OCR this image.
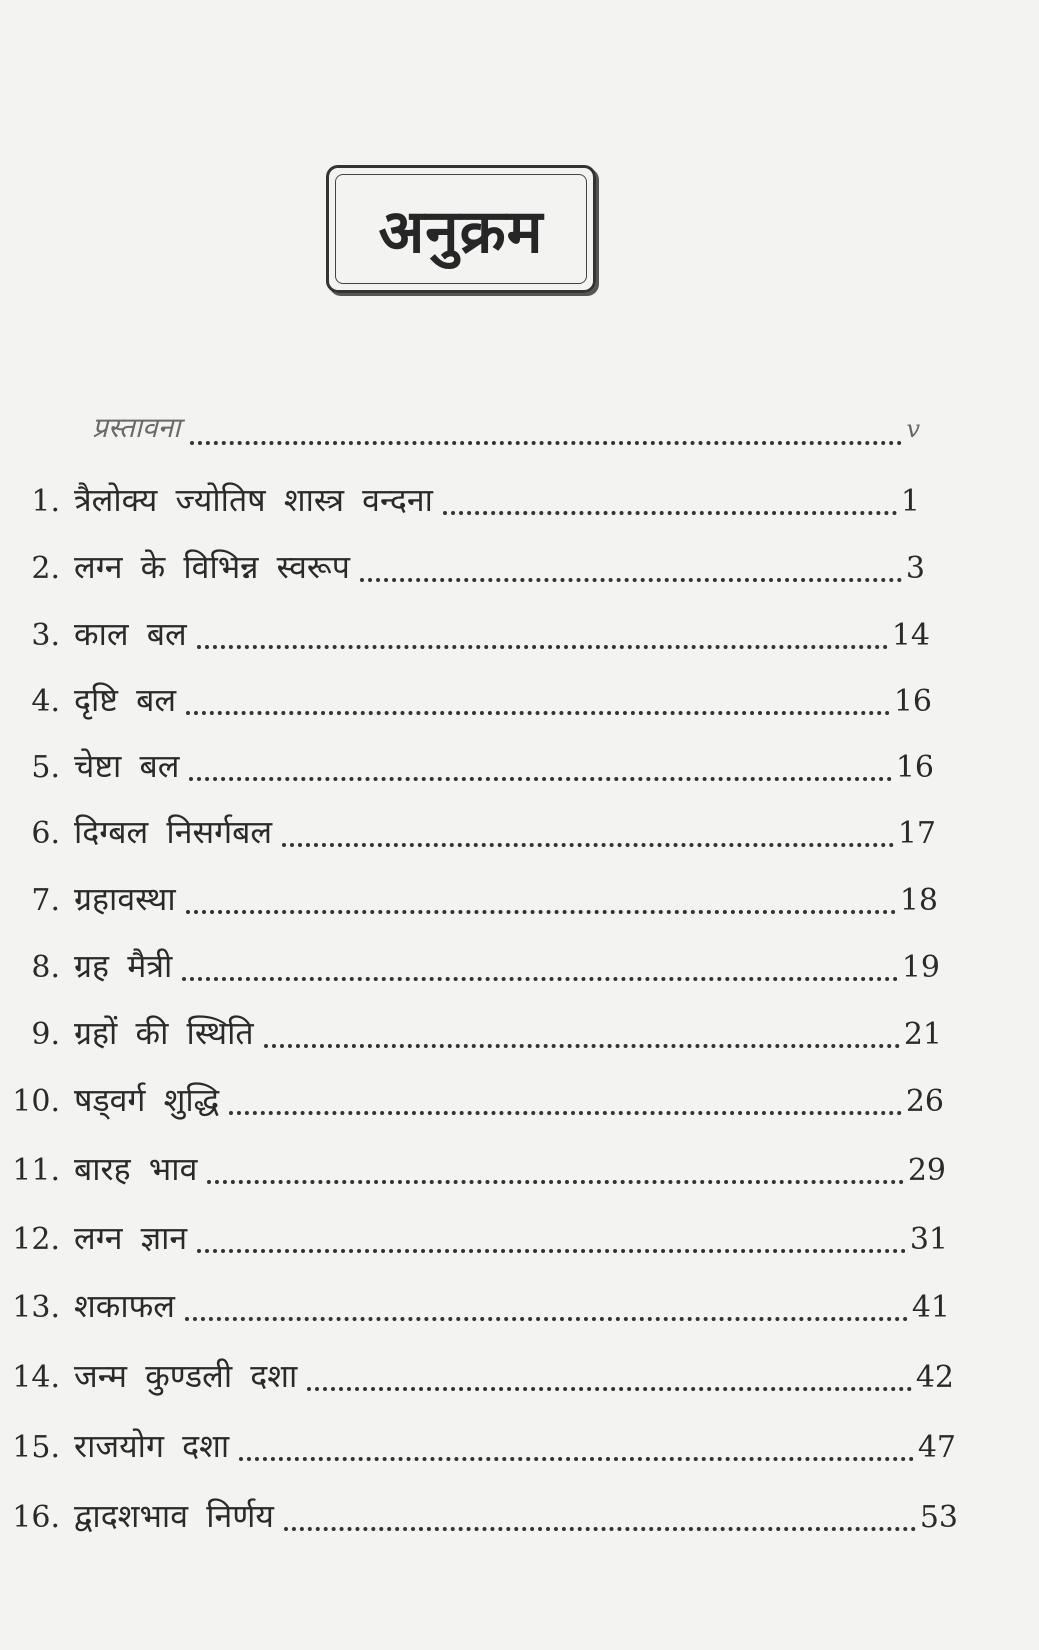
अनुक्रम
प्रस्तावना	v
1. त्रैलोक्य ज्योतिष शास्त्र वन्दना	1
2. लग्न के विभिन्न स्वरूप	3
3. काल बल	14
4. दृष्टि बल	16
5. चेष्टा बल	16
6. दिग्बल निसर्गबल	17
7. ग्रहावस्था	18
8. ग्रह मैत्री	19
9. ग्रहों की स्थिति	21
10. षड्वर्ग शुद्धि	26
11. बारह भाव	29
12. लग्न ज्ञान	31
13. शकाफल	41
14. जन्म कुण्डली दशा	42
15. राजयोग दशा	47
16. द्वादशभाव निर्णय	53
